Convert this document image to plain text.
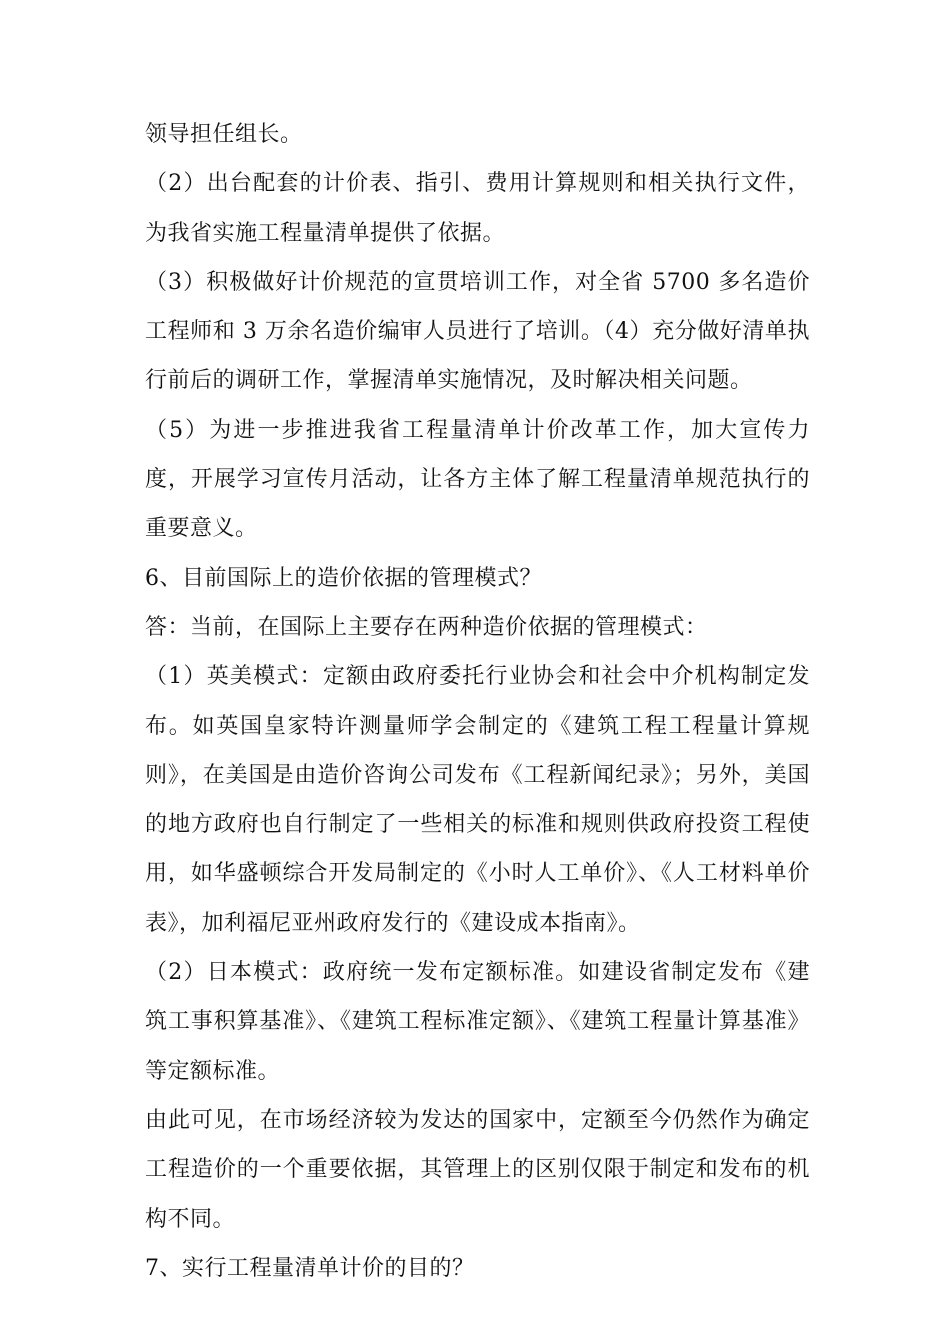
领导担任组长。

（2）出台配套的计价表、指引、费用计算规则和相关执行文件，为我省实施工程量清单提供了依据。

（3）积极做好计价规范的宣贯培训工作，对全省 5700 多名造价工程师和 3 万余名造价编审人员进行了培训。（4）充分做好清单执行前后的调研工作，掌握清单实施情况，及时解决相关问题。

（5）为进一步推进我省工程量清单计价改革工作，加大宣传力度，开展学习宣传月活动，让各方主体了解工程量清单规范执行的重要意义。

6、目前国际上的造价依据的管理模式？

答：当前，在国际上主要存在两种造价依据的管理模式：

（1）英美模式：定额由政府委托行业协会和社会中介机构制定发布。如英国皇家特许测量师学会制定的《建筑工程工程量计算规则》，在美国是由造价咨询公司发布《工程新闻纪录》；另外，美国的地方政府也自行制定了一些相关的标准和规则供政府投资工程使用，如华盛顿综合开发局制定的《小时人工单价》、《人工材料单价表》，加利福尼亚州政府发行的《建设成本指南》。

（2）日本模式：政府统一发布定额标准。如建设省制定发布《建筑工事积算基准》、《建筑工程标准定额》、《建筑工程量计算基准》等定额标准。

由此可见，在市场经济较为发达的国家中，定额至今仍然作为确定工程造价的一个重要依据，其管理上的区别仅限于制定和发布的机构不同。

7、实行工程量清单计价的目的？
